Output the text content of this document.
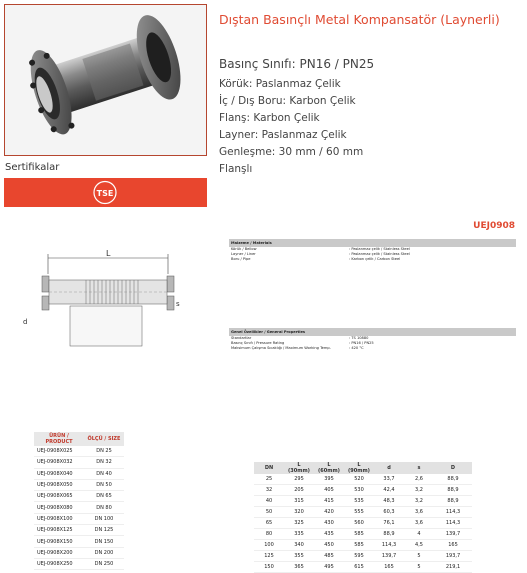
Sertifikalar
TSE
Dıştan Basınçlı Metal Kompansatör (Laynerli)
Basınç Sınıfı: PN16 / PN25
Körük: Paslanmaz Çelik
İç / Dış Boru: Karbon Çelik
Flanş: Karbon Çelik
Layner: Paslanmaz Çelik
Genleşme: 30 mm / 60 mm
Flanşlı
UEJ0908
L
d
s
Malzeme / Materials
Körük / Bellow	: Paslanmaz çelik / Stainless Steel
Layner / Liner	: Paslanmaz çelik / Stainless Steel
Boru / Pipe	: Karbon çelik / Carbon Steel
Genel Özellikler / General Properties
Standartlar	: TS 10880
Basınç Sınıfı / Pressure Rating	: PN16 / PN25
Maksimum Çalışma Sıcaklığı / Maximum Working Temp.	: 420 °C
ÜRÜN / PRODUCT	ÖLÇÜ / SIZE
UEJ-0908X025	DN 25
UEJ-0908X032	DN 32
UEJ-0908X040	DN 40
UEJ-0908X050	DN 50
UEJ-0908X065	DN 65
UEJ-0908X080	DN 80
UEJ-0908X100	DN 100
UEJ-0908X125	DN 125
UEJ-0908X150	DN 150
UEJ-0908X200	DN 200
UEJ-0908X250	DN 250
DN	L (30mm)	L (60mm)	L (90mm)	d	s	D
25	295	395	520	33,7	2,6	88,9
32	205	405	530	42,4	3,2	88,9
40	315	415	535	48,3	3,2	88,9
50	320	420	555	60,3	3,6	114,3
65	325	430	560	76,1	3,6	114,3
80	335	435	585	88,9	4	139,7
100	340	450	585	114,3	4,5	165
125	355	485	595	139,7	5	193,7
150	365	495	615	165	5	219,1
